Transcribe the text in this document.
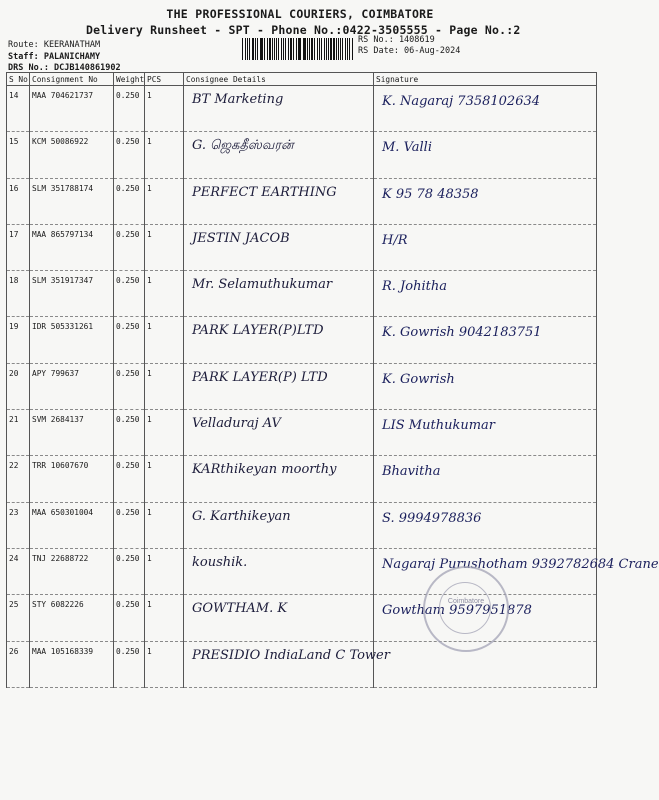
THE PROFESSIONAL COURIERS, COIMBATORE
Delivery Runsheet - SPT - Phone No.:0422-3505555 - Page No.:2
Route: KEERANATHAM
Staff: PALANICHAMY
DRS No.: DCJB140861902
RS No.: 1408619
RS Date: 06-Aug-2024
S No	Consignment No	Weight	PCS	Consignee Details	Signature
14	MAA 704621737	0.250	1	BT Marketing	K. Nagaraj 7358102634

15	KCM 50086922	0.250	1	G. ஜெகதீஸ்வரன்	M. Valli

16	SLM 351788174	0.250	1	PERFECT EARTHING	K 95 78 48358

17	MAA 865797134	0.250	1	JESTIN JACOB	H/R

18	SLM 351917347	0.250	1	Mr. Selamuthukumar	R. Johitha

19	IDR 505331261	0.250	1	PARK LAYER(P)LTD	K. Gowrish 9042183751

20	APY 799637	0.250	1	PARK LAYER(P) LTD	K. Gowrish

21	SVM 2684137	0.250	1	Velladuraj AV	LIS Muthukumar

22	TRR 10607670	0.250	1	KARthikeyan moorthy	Bhavitha

23	MAA 650301004	0.250	1	G. Karthikeyan	S. 9994978836

24	TNJ 22688722	0.250	1	koushik.	Nagaraj Purushotham 9392782684 Crane

25	STY 6082226	0.250	1	GOWTHAM. K	Gowtham 9597951878

26	MAA 105168339	0.250	1	PRESIDIO IndiaLand C Tower	

Coimbatore
